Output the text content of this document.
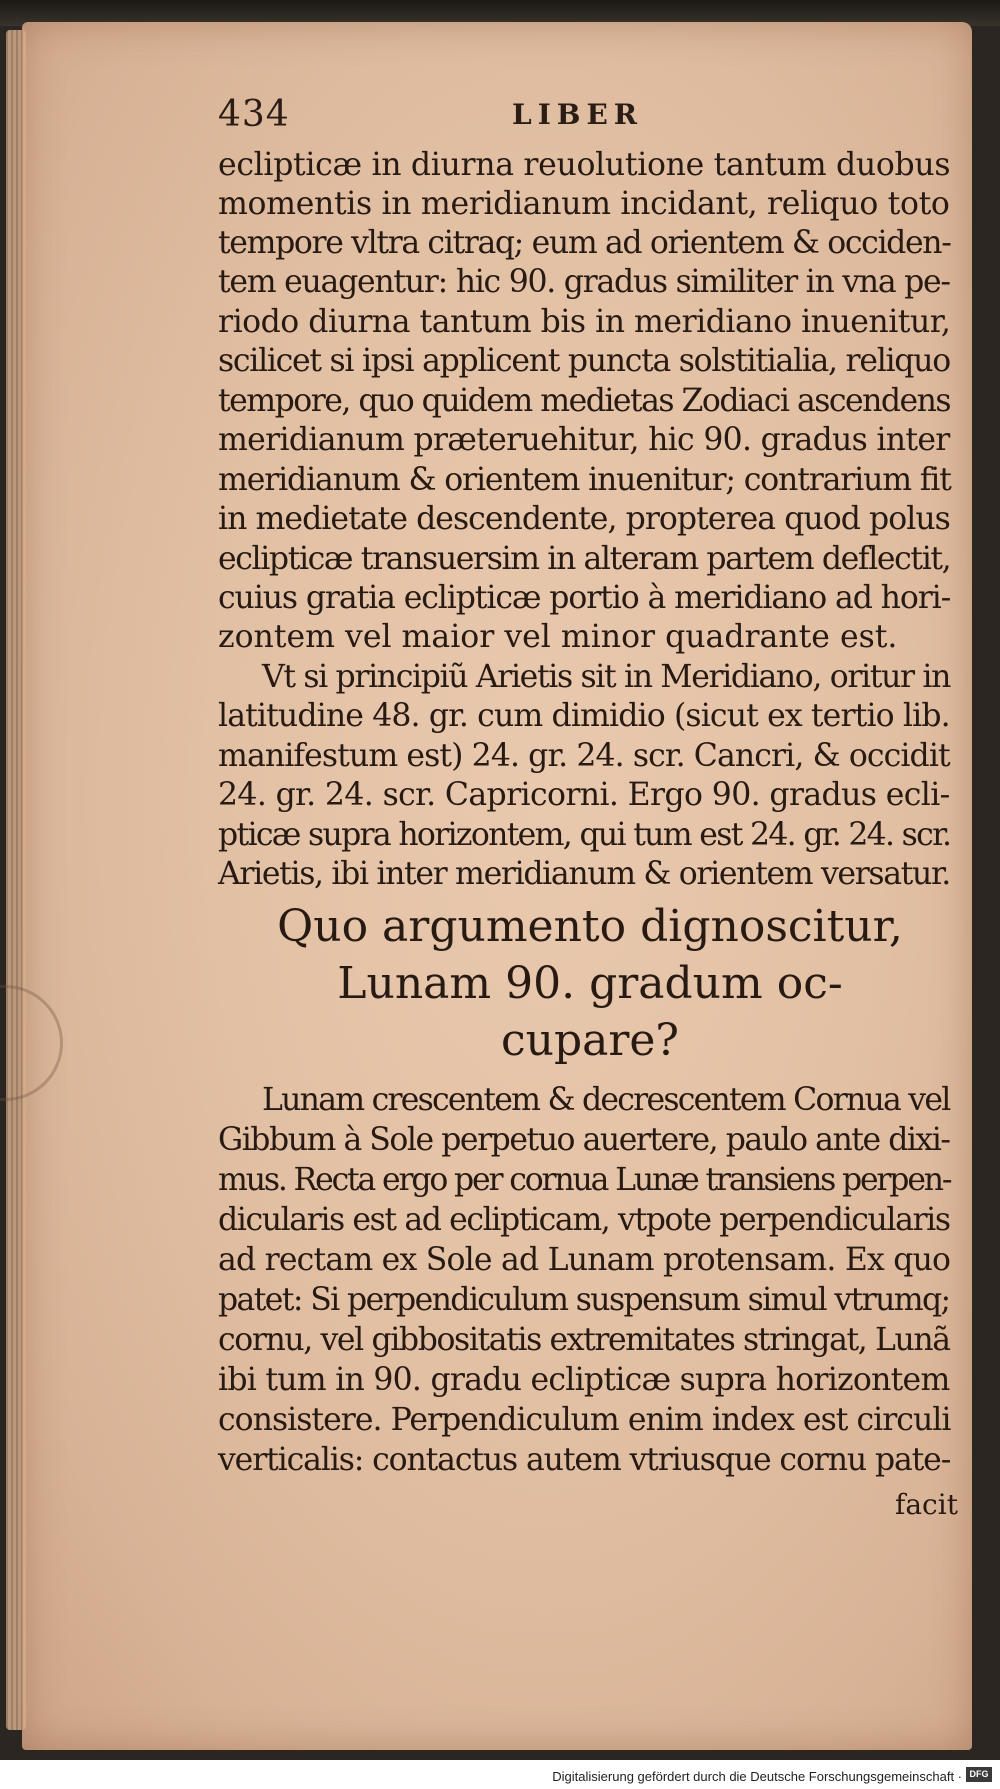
434	LIBER
eclipticæ in diurna reuolutione tantum duobus
momentis in meridianum incidant, reliquo toto
tempore vltra citraq; eum ad orientem & occiden-
tem euagentur: hic 90. gradus similiter in vna pe-
riodo diurna tantum bis in meridiano inuenitur,
scilicet si ipsi applicent puncta solstitialia, reliquo
tempore, quo quidem medietas Zodiaci ascendens
meridianum præteruehitur, hic 90. gradus inter
meridianum & orientem inuenitur; contrarium fit
in medietate descendente, propterea quod polus
eclipticæ transuersim in alteram partem deflectit,
cuius gratia eclipticæ portio à meridiano ad hori-
zontem vel maior vel minor quadrante est.
Vt si principiũ Arietis sit in Meridiano, oritur in
latitudine 48. gr. cum dimidio (sicut ex tertio lib.
manifestum est) 24. gr. 24. scr. Cancri, & occidit
24. gr. 24. scr. Capricorni. Ergo 90. gradus ecli-
pticæ supra horizontem, qui tum est 24. gr. 24. scr.
Arietis, ibi inter meridianum & orientem versatur.
Quo argumento dignoscitur,
Lunam 90. gradum oc-
cupare?
Lunam crescentem & decrescentem Cornua vel
Gibbum à Sole perpetuo auertere, paulo ante dixi-
mus. Recta ergo per cornua Lunæ transiens perpen-
dicularis est ad eclipticam, vtpote perpendicularis
ad rectam ex Sole ad Lunam protensam. Ex quo
patet: Si perpendiculum suspensum simul vtrumq;
cornu, vel gibbositatis extremitates stringat, Lunã
ibi tum in 90. gradu eclipticæ supra horizontem
consistere. Perpendiculum enim index est circuli
verticalis: contactus autem vtriusque cornu pate-
facit
Digitalisierung gefördert durch die Deutsche Forschungsgemeinschaft · DFG
